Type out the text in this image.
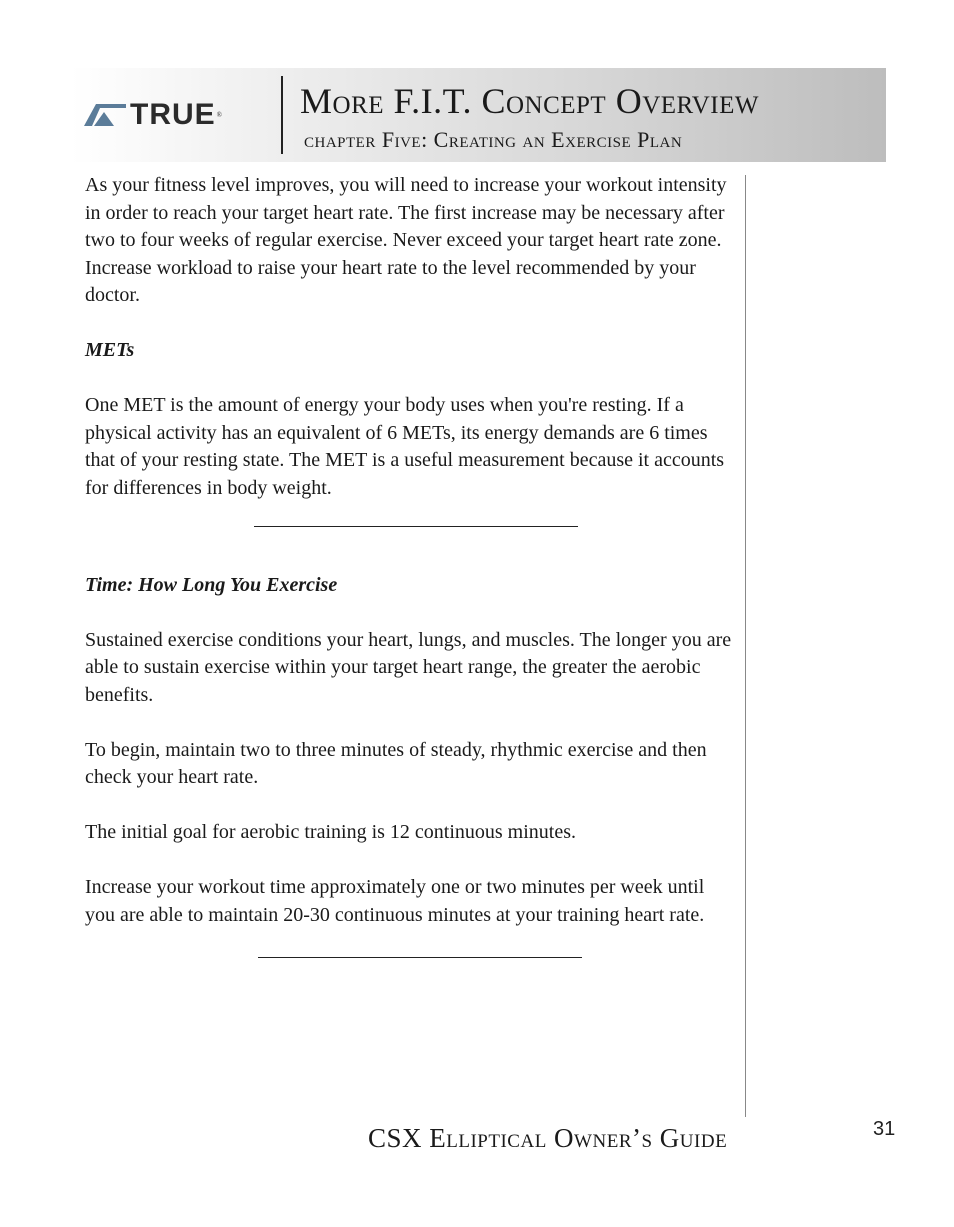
TRUE ® More F.I.T. Concept Overview
chapter Five: Creating an Exercise Plan

As your fitness level improves, you will need to increase your workout intensity in order to reach your target heart rate. The first increase may be necessary after two to four weeks of regular exercise. Never exceed your target heart rate zone. Increase workload to raise your heart rate to the level recommended by your doctor.

METs

One MET is the amount of energy your body uses when you're resting. If a physical activity has an equivalent of 6 METs, its energy demands are 6 times that of your resting state. The MET is a useful measurement because it accounts for differences in body weight.

Time: How Long You Exercise

Sustained exercise conditions your heart, lungs, and muscles. The longer you are able to sustain exercise within your target heart range, the greater the aerobic benefits.

To begin, maintain two to three minutes of steady, rhythmic exercise and then check your heart rate.

The initial goal for aerobic training is 12 continuous minutes.

Increase your workout time approximately one or two minutes per week until you are able to maintain 20-30 continuous minutes at your training heart rate.

CSX Elliptical Owner’s Guide	31
